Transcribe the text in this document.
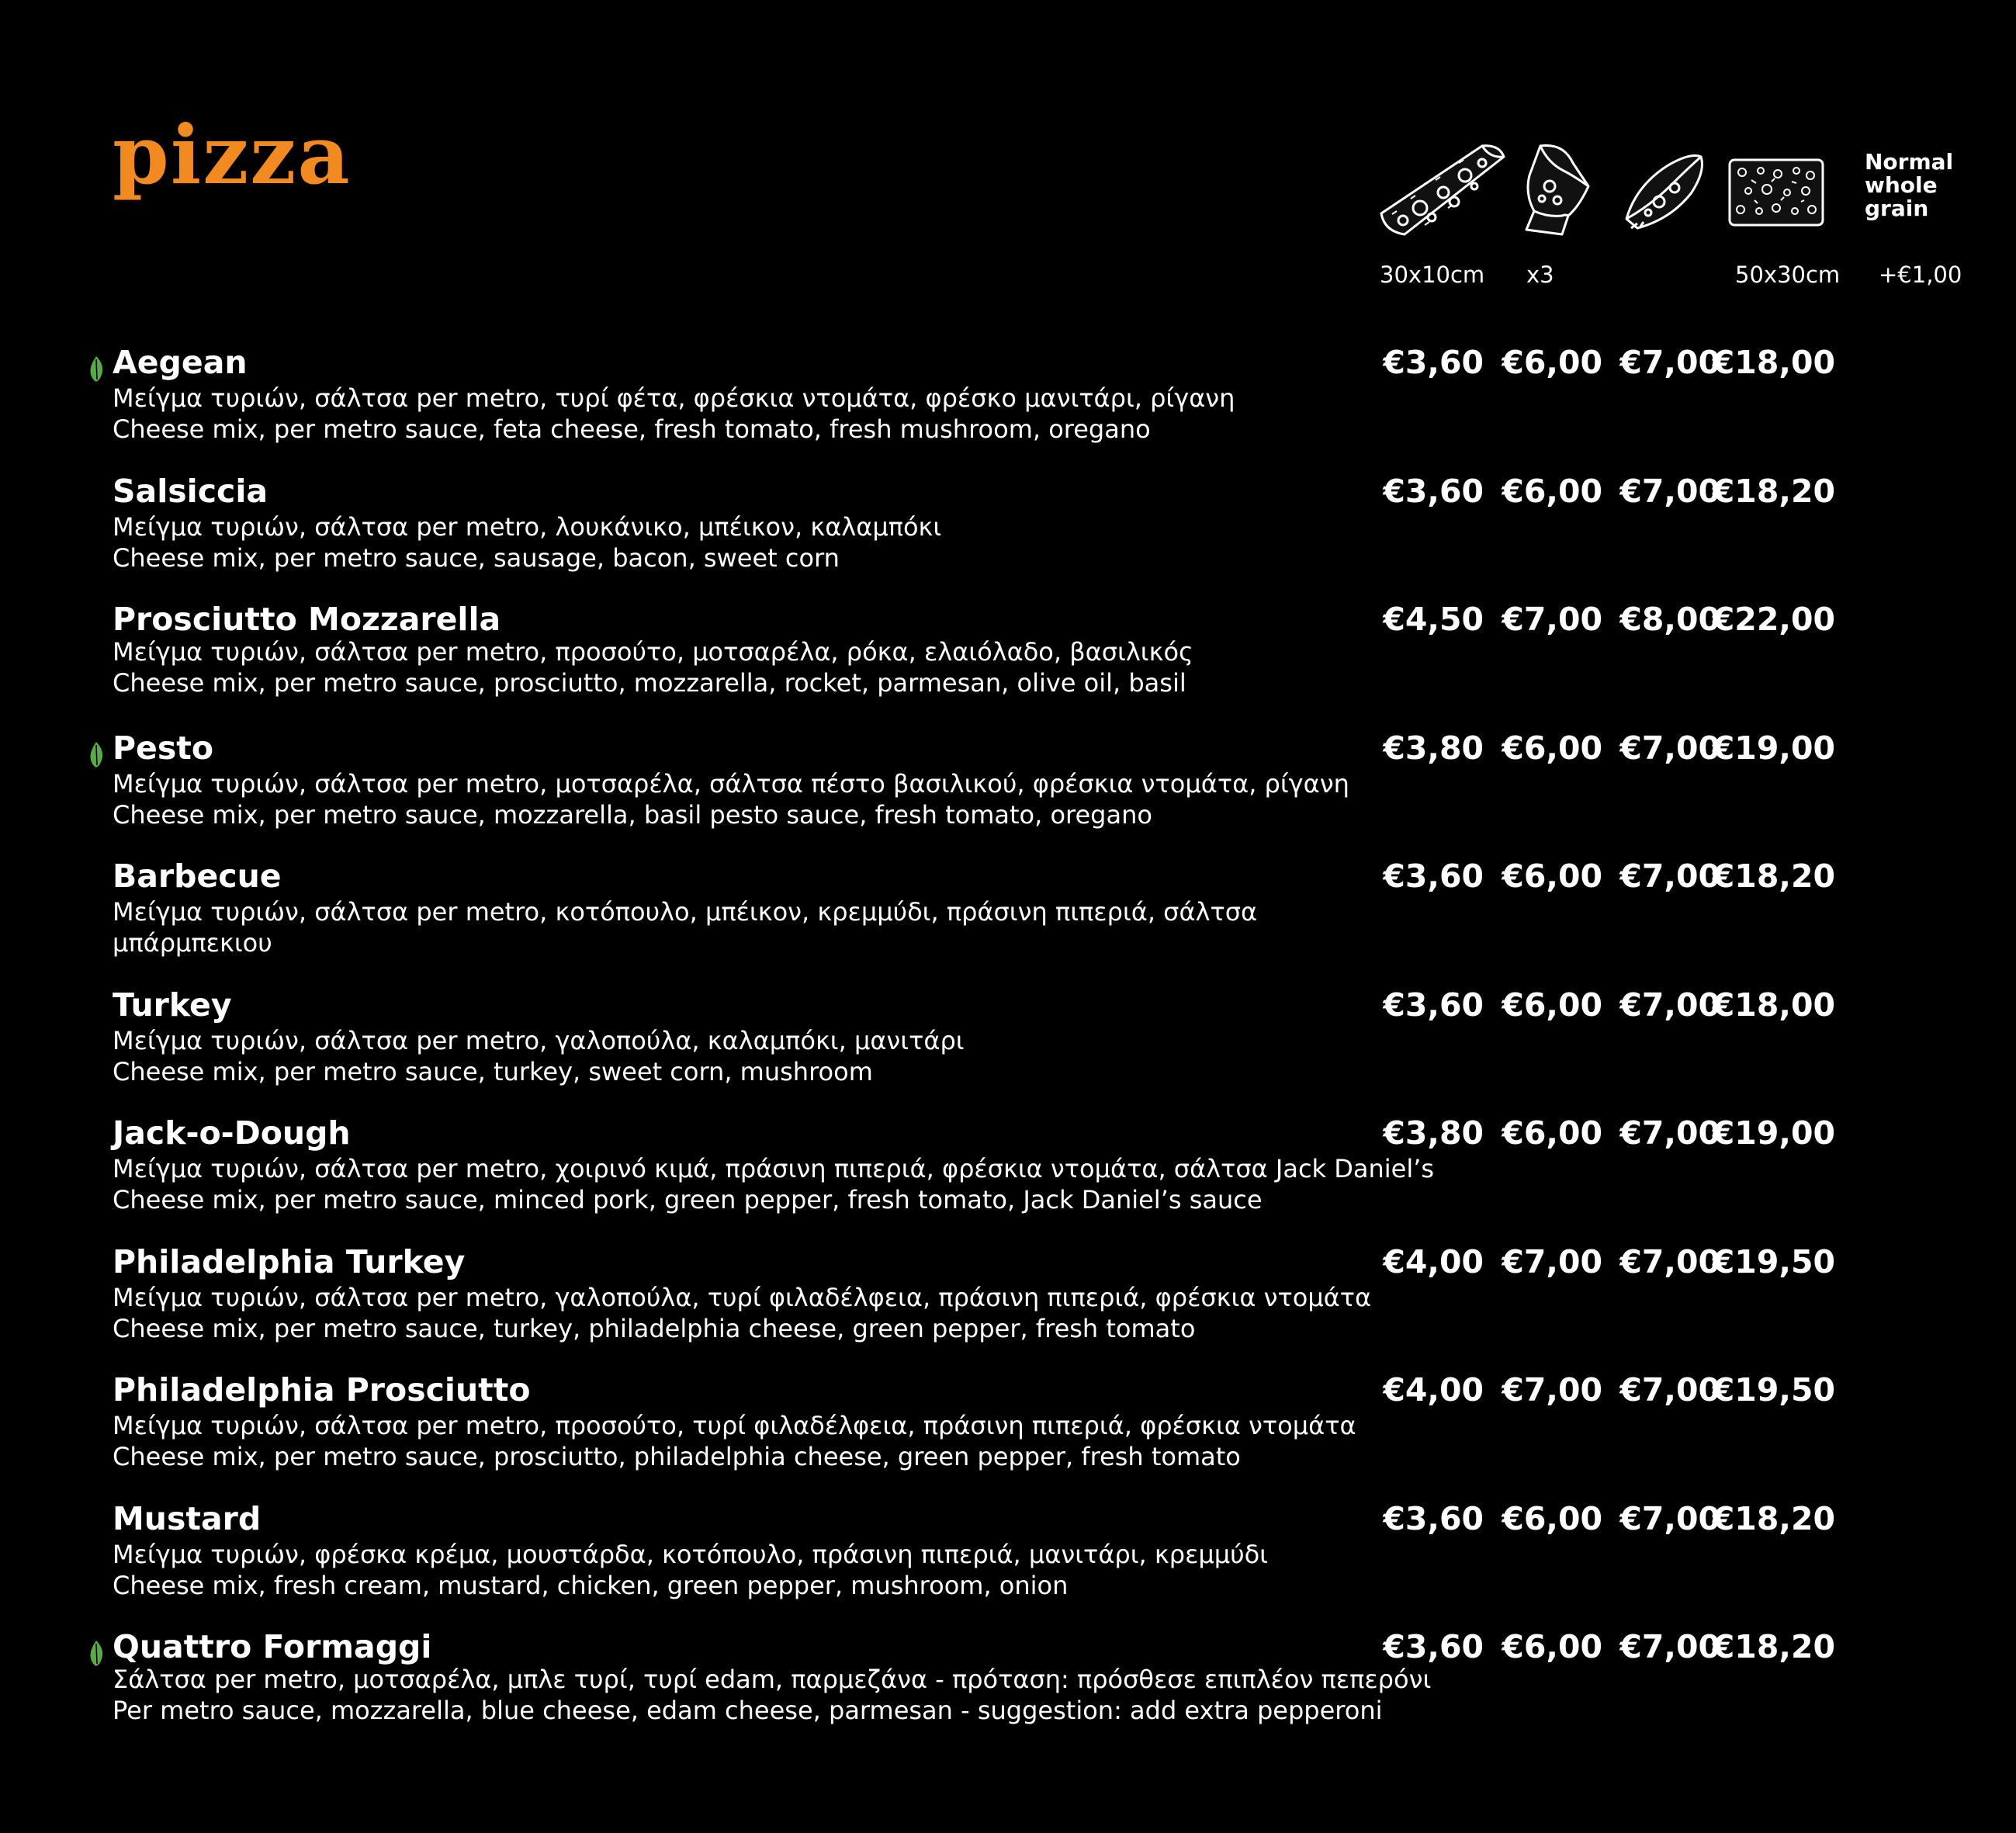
pizza	Normal
whole
grain
30x10cm x3	50x30cm +€1,00
Aegean
Μείγμα τυριών, σάλτσα per metro, τυρί φέτα, φρέσκια ντομάτα, φρέσκο μανιτάρι, ρίγανη
Cheese mix, per metro sauce, feta cheese, fresh tomato, fresh mushroom, oregano
€3,60 €6,00 €7,00
€18,00
Salsiccia
Μείγμα τυριών, σάλτσα per metro, λουκάνικο, μπέικον, καλαμπόκι
Cheese mix, per metro sauce, sausage, bacon, sweet corn
€3,60 €6,00 €7,00
€18,20
Prosciutto Mozzarella
Μείγμα τυριών, σάλτσα per metro, προσούτο, μοτσαρέλα, ρόκα, ελαιόλαδο, βασιλικός
Cheese mix, per metro sauce, prosciutto, mozzarella, rocket, parmesan, olive oil, basil
€4,50 €7,00 €8,00
€22,00
Pesto
Μείγμα τυριών, σάλτσα per metro, μοτσαρέλα, σάλτσα πέστο βασιλικού, φρέσκια ντομάτα, ρίγανη
Cheese mix, per metro sauce, mozzarella, basil pesto sauce, fresh tomato, oregano
€3,80 €6,00 €7,00
€19,00
Barbecue
Μείγμα τυριών, σάλτσα per metro, κοτόπουλο, μπέικον, κρεμμύδι, πράσινη πιπεριά, σάλτσα μπάρμπεκιου
€3,60 €6,00 €7,00
€18,20
Turkey
Μείγμα τυριών, σάλτσα per metro, γαλοπούλα, καλαμπόκι, μανιτάρι
Cheese mix, per metro sauce, turkey, sweet corn, mushroom
€3,60 €6,00 €7,00
€18,00
Jack-o-Dough
Μείγμα τυριών, σάλτσα per metro, χοιρινό κιμά, πράσινη πιπεριά, φρέσκια ντομάτα, σάλτσα Jack Daniel’s
Cheese mix, per metro sauce, minced pork, green pepper, fresh tomato, Jack Daniel’s sauce
€3,80 €6,00 €7,00
€19,00
Philadelphia Turkey
Μείγμα τυριών, σάλτσα per metro, γαλοπούλα, τυρί φιλαδέλφεια, πράσινη πιπεριά, φρέσκια ντομάτα
Cheese mix, per metro sauce, turkey, philadelphia cheese, green pepper, fresh tomato
€4,00 €7,00 €7,00
€19,50
Philadelphia Prosciutto
Μείγμα τυριών, σάλτσα per metro, προσούτο, τυρί φιλαδέλφεια, πράσινη πιπεριά, φρέσκια ντομάτα
Cheese mix, per metro sauce, prosciutto, philadelphia cheese, green pepper, fresh tomato
€4,00 €7,00 €7,00
€19,50
Mustard
Μείγμα τυριών, φρέσκα κρέμα, μουστάρδα, κοτόπουλο, πράσινη πιπεριά, μανιτάρι, κρεμμύδι
Cheese mix, fresh cream, mustard, chicken, green pepper, mushroom, onion
€3,60 €6,00 €7,00
€18,20
Quattro Formaggi
Σάλτσα per metro, μοτσαρέλα, μπλε τυρί, τυρί edam, παρμεζάνα - πρόταση: πρόσθεσε επιπλέον πεπερόνι
Per metro sauce, mozzarella, blue cheese, edam cheese, parmesan - suggestion: add extra pepperoni
€3,60 €6,00 €7,00
€18,20
